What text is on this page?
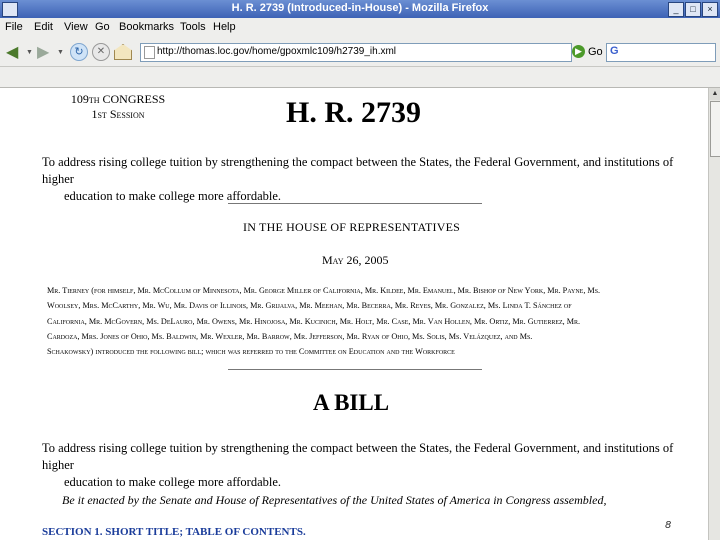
H. R. 2739 (Introduced-in-House) - Mozilla Firefox	_	□	×
File Edit View Go Bookmarks Tools Help
◀ ▼ ▶ ▼ ↻	✕	http://thomas.loc.gov/home/gpoxmlc109/h2739_ih.xml	▶ Go G
109th CONGRESS
1st Session	H. R. 2739
To address rising college tuition by strengthening the compact between the States, the Federal Government, and institutions of higher
education to make college more affordable.
IN THE HOUSE OF REPRESENTATIVES
May 26, 2005
Mr. Tierney (for himself, Mr. McCollum of Minnesota, Mr. George Miller of California, Mr. Kildee, Mr. Emanuel, Mr. Bishop of New York, Mr. Payne, Ms.
Woolsey, Mrs. McCarthy, Mr. Wu, Mr. Davis of Illinois, Mr. Grijalva, Mr. Meehan, Mr. Becerra, Mr. Reyes, Mr. Gonzalez, Ms. Linda T. Sánchez of
California, Mr. McGovern, Ms. DeLauro, Mr. Owens, Mr. Hinojosa, Mr. Kucinich, Mr. Holt, Mr. Case, Mr. Van Hollen, Mr. Ortiz, Mr. Gutierrez, Mr.
Cardoza, Mrs. Jones of Ohio, Ms. Baldwin, Mr. Wexler, Mr. Barrow, Mr. Jefferson, Mr. Ryan of Ohio, Ms. Solis, Ms. Velázquez, and Ms.
Schakowsky) introduced the following bill; which was referred to the Committee on Education and the Workforce
A BILL
To address rising college tuition by strengthening the compact between the States, the Federal Government, and institutions of higher
education to make college more affordable.
Be it enacted by the Senate and House of Representatives of the United States of America in Congress assembled,
SECTION 1. SHORT TITLE; TABLE OF CONTENTS.
8
▲
